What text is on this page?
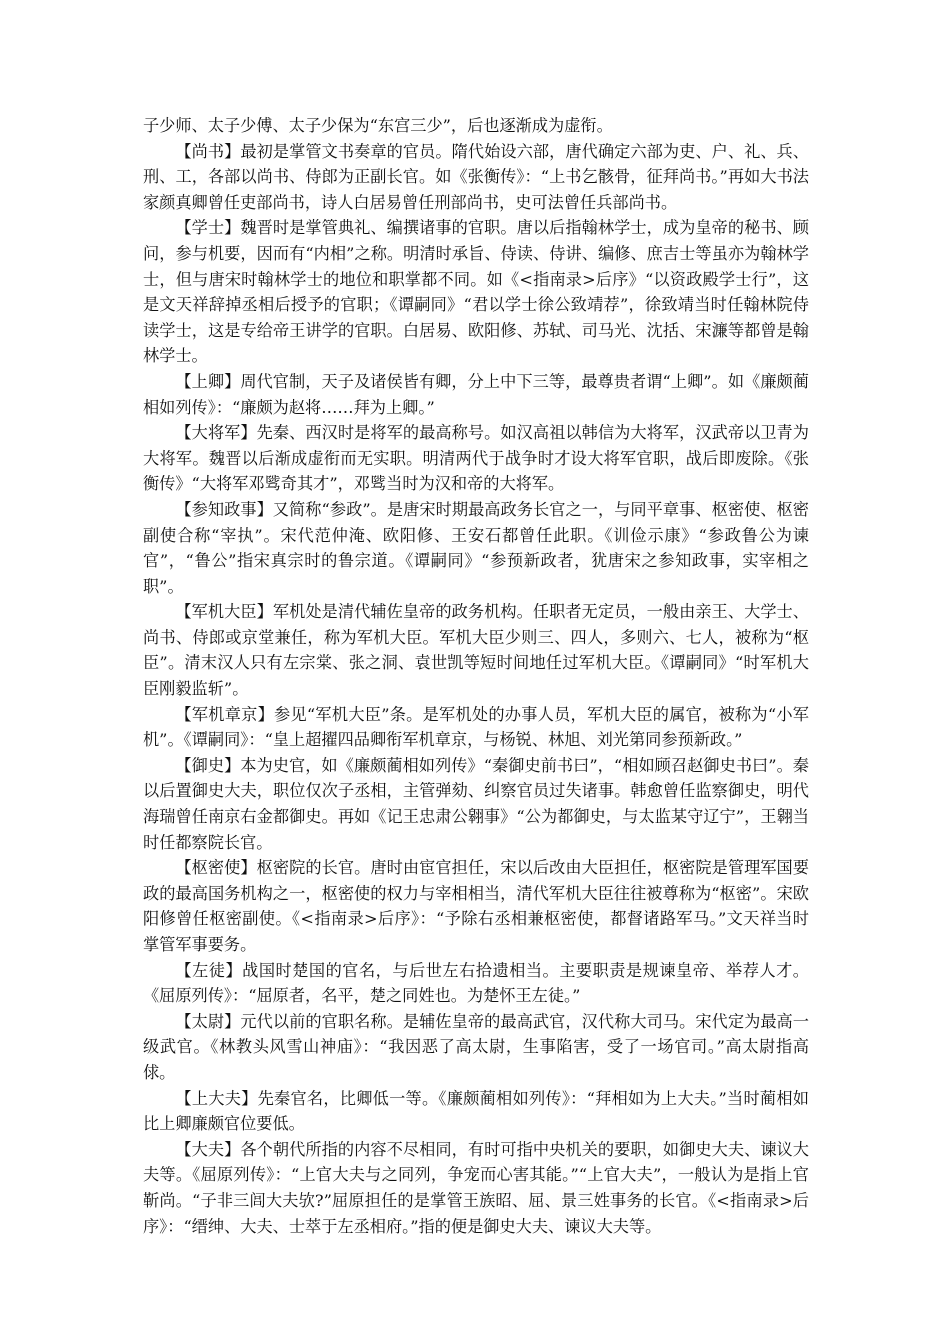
子少师、太子少傅、太子少保为“东宫三少”，后也逐渐成为虚衔。

【尚书】最初是掌管文书奏章的官员。隋代始设六部，唐代确定六部为吏、户、礼、兵、刑、工，各部以尚书、侍郎为正副长官。如《张衡传》：“上书乞骸骨，征拜尚书。”再如大书法家颜真卿曾任吏部尚书，诗人白居易曾任刑部尚书，史可法曾任兵部尚书。

【学士】魏晋时是掌管典礼、编撰诸事的官职。唐以后指翰林学士，成为皇帝的秘书、顾问，参与机要，因而有“内相”之称。明清时承旨、侍读、侍讲、编修、庶吉士等虽亦为翰林学士，但与唐宋时翰林学士的地位和职掌都不同。如《<指南录>后序》“以资政殿学士行”，这是文天祥辞掉丞相后授予的官职；《谭嗣同》“君以学士徐公致靖荐”，徐致靖当时任翰林院侍读学士，这是专给帝王讲学的官职。白居易、欧阳修、苏轼、司马光、沈括、宋濂等都曾是翰林学士。

【上卿】周代官制，天子及诸侯皆有卿，分上中下三等，最尊贵者谓“上卿”。如《廉颇蔺相如列传》：“廉颇为赵将……拜为上卿。”

【大将军】先秦、西汉时是将军的最高称号。如汉高祖以韩信为大将军，汉武帝以卫青为大将军。魏晋以后渐成虚衔而无实职。明清两代于战争时才设大将军官职，战后即废除。《张衡传》“大将军邓骘奇其才”，邓骘当时为汉和帝的大将军。

【参知政事】又简称“参政”。是唐宋时期最高政务长官之一，与同平章事、枢密使、枢密副使合称“宰执”。宋代范仲淹、欧阳修、王安石都曾任此职。《训俭示康》“参政鲁公为谏官”，“鲁公”指宋真宗时的鲁宗道。《谭嗣同》“参预新政者，犹唐宋之参知政事，实宰相之职”。

【军机大臣】军机处是清代辅佐皇帝的政务机构。任职者无定员，一般由亲王、大学士、尚书、侍郎或京堂兼任，称为军机大臣。军机大臣少则三、四人，多则六、七人，被称为“枢臣”。清末汉人只有左宗棠、张之洞、袁世凯等短时间地任过军机大臣。《谭嗣同》“时军机大臣刚毅监斩”。

【军机章京】参见“军机大臣”条。是军机处的办事人员，军机大臣的属官，被称为“小军机”。《谭嗣同》：“皇上超擢四品卿衔军机章京，与杨锐、林旭、刘光第同参预新政。”

【御史】本为史官，如《廉颇蔺相如列传》“秦御史前书曰”，“相如顾召赵御史书曰”。秦以后置御史大夫，职位仅次子丞相，主管弹劾、纠察官员过失诸事。韩愈曾任监察御史，明代海瑞曾任南京右金都御史。再如《记王忠肃公翱事》“公为都御史，与太监某守辽宁”，王翱当时任都察院长官。

【枢密使】枢密院的长官。唐时由宦官担任，宋以后改由大臣担任，枢密院是管理军国要政的最高国务机构之一，枢密使的权力与宰相相当，清代军机大臣往往被尊称为“枢密”。宋欧阳修曾任枢密副使。《<指南录>后序》：“予除右丞相兼枢密使，都督诸路军马。”文天祥当时掌管军事要务。

【左徒】战国时楚国的官名，与后世左右拾遗相当。主要职责是规谏皇帝、举荐人才。《屈原列传》：“屈原者，名平，楚之同姓也。为楚怀王左徒。”

【太尉】元代以前的官职名称。是辅佐皇帝的最高武官，汉代称大司马。宋代定为最高一级武官。《林教头风雪山神庙》：“我因恶了高太尉，生事陷害，受了一场官司。”高太尉指高俅。

【上大夫】先秦官名，比卿低一等。《廉颇蔺相如列传》：“拜相如为上大夫。”当时蔺相如比上卿廉颇官位要低。

【大夫】各个朝代所指的内容不尽相同，有时可指中央机关的要职，如御史大夫、谏议大夫等。《屈原列传》：“上官大夫与之同列，争宠而心害其能。”“上官大夫”，一般认为是指上官靳尚。“子非三闾大夫欤?”屈原担任的是掌管王族昭、屈、景三姓事务的长官。《<指南录>后序》：“缙绅、大夫、士萃于左丞相府。”指的便是御史大夫、谏议大夫等。
